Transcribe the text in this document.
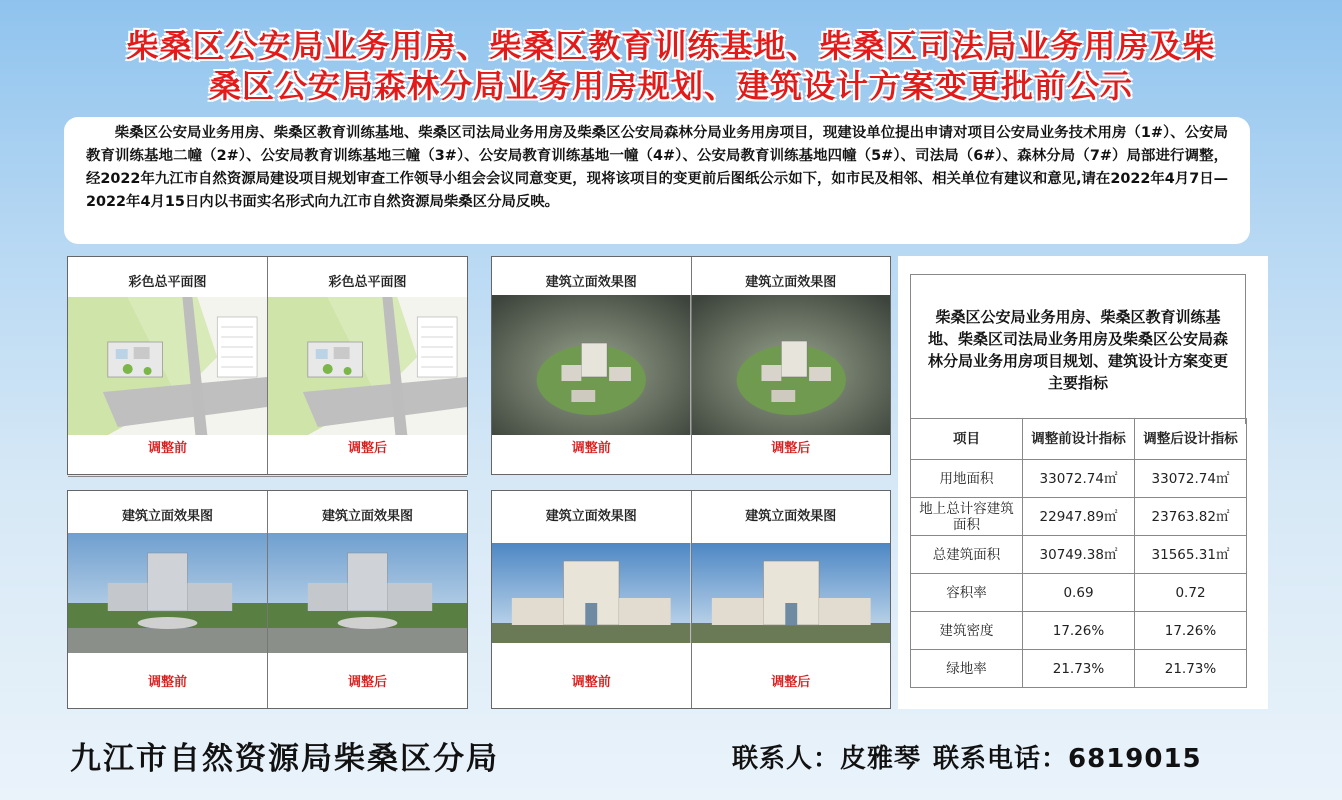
柴桑区公安局业务用房、柴桑区教育训练基地、柴桑区司法局业务用房及柴
桑区公安局森林分局业务用房规划、建筑设计方案变更批前公示
柴桑区公安局业务用房、柴桑区教育训练基地、柴桑区司法局业务用房及柴桑区公安局森林分局业务用房项目，现建设单位提出申请对项目公安局业务技术用房（1#）、公安局教育训练基地二幢（2#）、公安局教育训练基地三幢（3#）、公安局教育训练基地一幢（4#）、公安局教育训练基地四幢（5#）、司法局（6#）、森林分局（7#）局部进行调整，经2022年九江市自然资源局建设项目规划审查工作领导小组会会议同意变更，现将该项目的变更前后图纸公示如下，如市民及相邻、相关单位有建议和意见,请在2022年4月7日—2022年4月15日内以书面实名形式向九江市自然资源局柴桑区分局反映。
彩色总平面图
调整前
彩色总平面图
调整后
建筑立面效果图
调整前
建筑立面效果图
调整后
建筑立面效果图
调整前
建筑立面效果图
调整后
建筑立面效果图
调整前
建筑立面效果图
调整后
柴桑区公安局业务用房、柴桑区教育训练基地、柴桑区司法局业务用房及柴桑区公安局森林分局业务用房项目规划、建筑设计方案变更主要指标
项目	调整前设计指标	调整后设计指标
用地面积	33072.74㎡	33072.74㎡
地上总计容建筑面积	22947.89㎡	23763.82㎡
总建筑面积	30749.38㎡	31565.31㎡
容积率	0.69	0.72
建筑密度	17.26%	17.26%
绿地率	21.73%	21.73%
九江市自然资源局柴桑区分局	联系人：皮雅琴 联系电话：6819015
